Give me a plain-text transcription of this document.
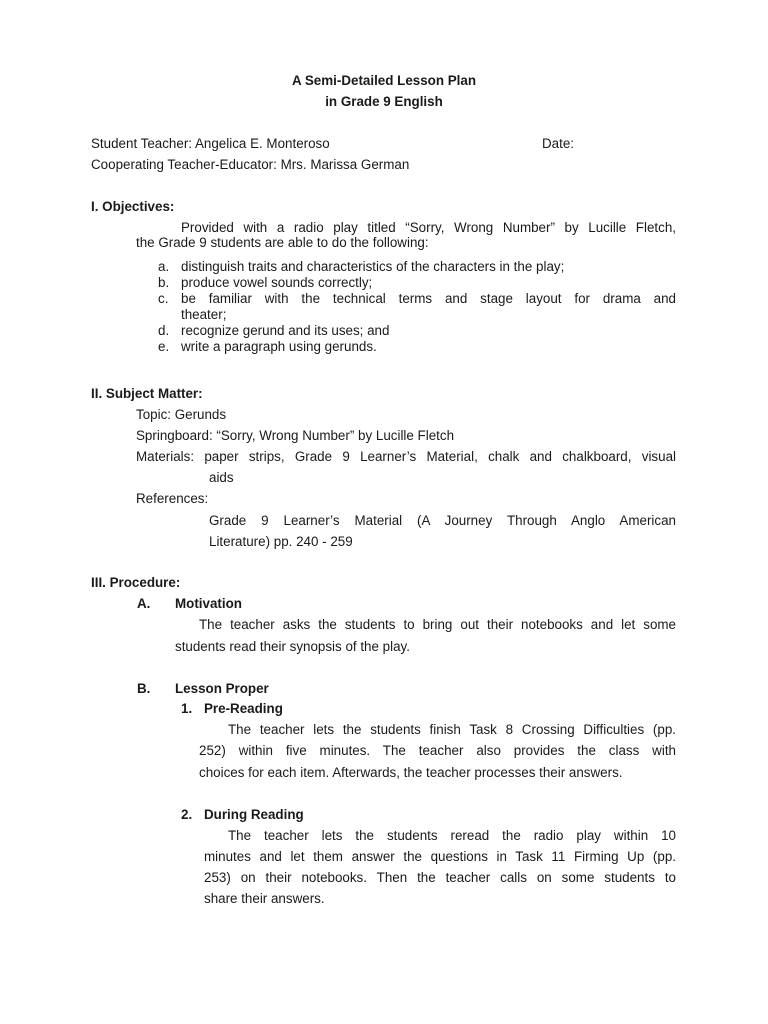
A Semi-Detailed Lesson Plan
in Grade 9 English
Student Teacher: Angelica E. Monteroso	Date:
Cooperating Teacher-Educator: Mrs. Marissa German
I. Objectives:
Provided with a radio play titled “Sorry, Wrong Number” by Lucille Fletch,
the Grade 9 students are able to do the following:
a. distinguish traits and characteristics of the characters in the play;
b. produce vowel sounds correctly;
c. be familiar with the technical terms and stage layout for drama and
theater;
d. recognize gerund and its uses; and
e. write a paragraph using gerunds.
II. Subject Matter:
Topic: Gerunds
Springboard: “Sorry, Wrong Number” by Lucille Fletch
Materials: paper strips, Grade 9 Learner’s Material, chalk and chalkboard, visual
aids
References:
Grade 9 Learner’s Material (A Journey Through Anglo American
Literature) pp. 240 - 259
III. Procedure:
A. Motivation
The teacher asks the students to bring out their notebooks and let some
students read their synopsis of the play.
B. Lesson Proper
1. Pre-Reading
The teacher lets the students finish Task 8 Crossing Difficulties (pp.
252) within five minutes. The teacher also provides the class with
choices for each item. Afterwards, the teacher processes their answers.
2. During Reading
The teacher lets the students reread the radio play within 10
minutes and let them answer the questions in Task 11 Firming Up (pp.
253) on their notebooks. Then the teacher calls on some students to
share their answers.
